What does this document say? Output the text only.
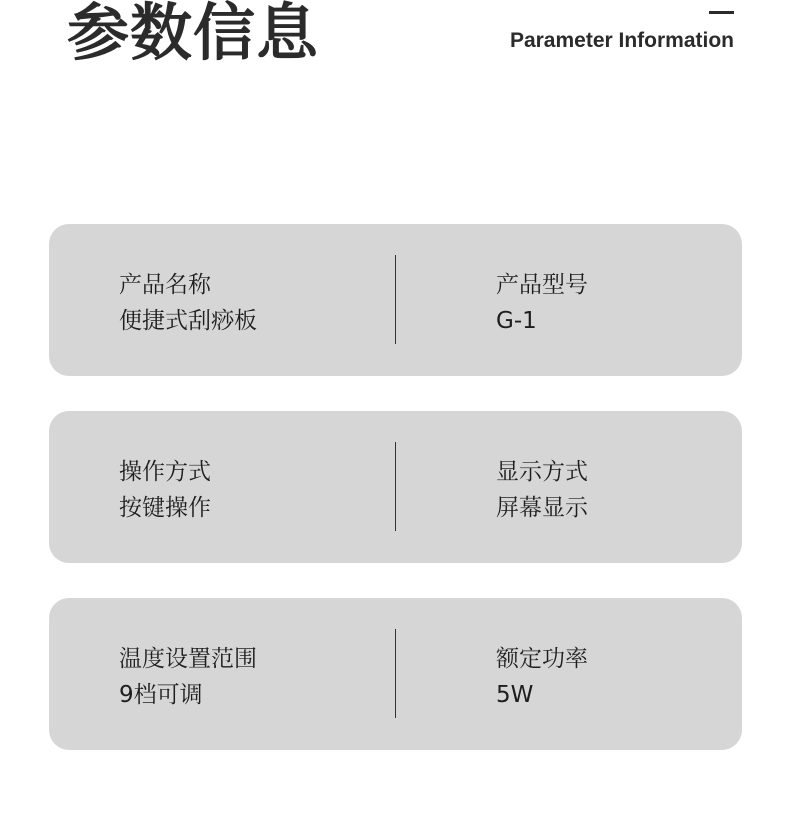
参数信息	Parameter Information
产品名称
便捷式刮痧板
产品型号
G-1
操作方式
按键操作
显示方式
屏幕显示
温度设置范围
9档可调
额定功率
5W
